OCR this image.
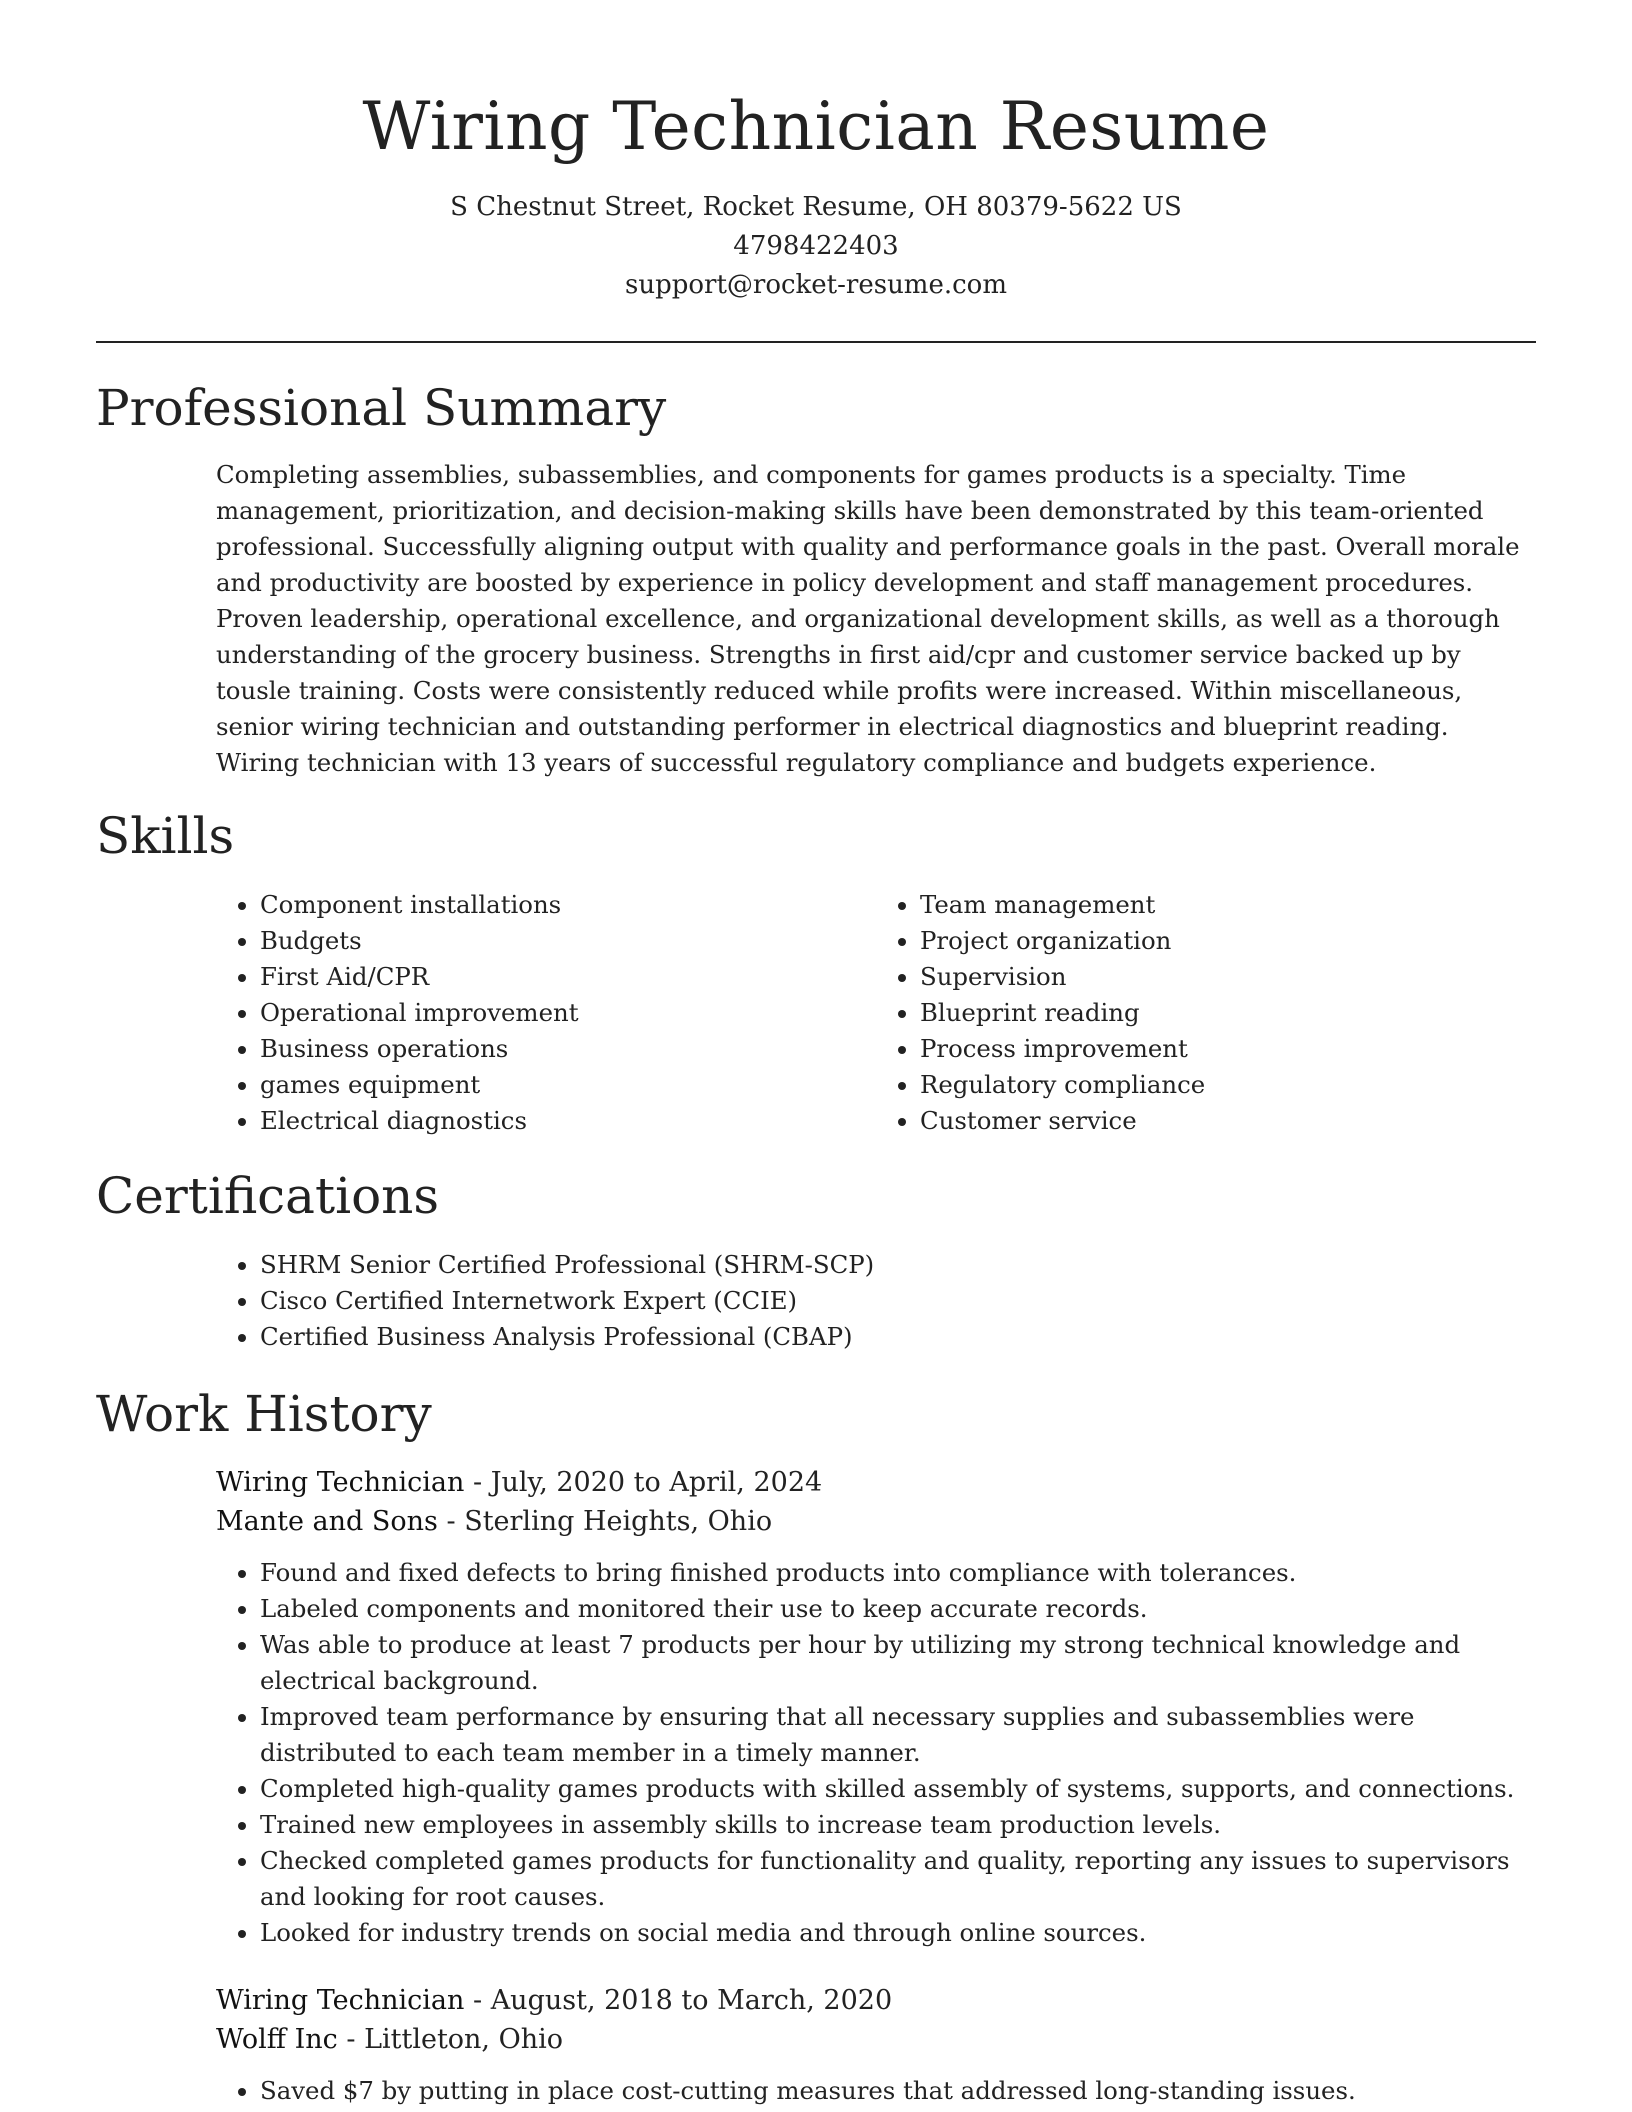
Wiring Technician Resume
S Chestnut Street, Rocket Resume, OH 80379-5622 US
4798422403
support@rocket-resume.com
Professional Summary
Completing assemblies, subassemblies, and components for games products is a specialty. Time management, prioritization, and decision-making skills have been demonstrated by this team-oriented professional. Successfully aligning output with quality and performance goals in the past. Overall morale and productivity are boosted by experience in policy development and staff management procedures. Proven leadership, operational excellence, and organizational development skills, as well as a thorough understanding of the grocery business. Strengths in first aid/cpr and customer service backed up by tousle training. Costs were consistently reduced while profits were increased. Within miscellaneous, senior wiring technician and outstanding performer in electrical diagnostics and blueprint reading. Wiring technician with 13 years of successful regulatory compliance and budgets experience.
Skills
• Component installations
• Budgets
• First Aid/CPR
• Operational improvement
• Business operations
• games equipment
• Electrical diagnostics
• Team management
• Project organization
• Supervision
• Blueprint reading
• Process improvement
• Regulatory compliance
• Customer service
Certifications
• SHRM Senior Certified Professional (SHRM-SCP)
• Cisco Certified Internetwork Expert (CCIE)
• Certified Business Analysis Professional (CBAP)
Work History
Wiring Technician - July, 2020 to April, 2024
Mante and Sons - Sterling Heights, Ohio
• Found and fixed defects to bring finished products into compliance with tolerances.
• Labeled components and monitored their use to keep accurate records.
• Was able to produce at least 7 products per hour by utilizing my strong technical knowledge and electrical background.
• Improved team performance by ensuring that all necessary supplies and subassemblies were distributed to each team member in a timely manner.
• Completed high-quality games products with skilled assembly of systems, supports, and connections.
• Trained new employees in assembly skills to increase team production levels.
• Checked completed games products for functionality and quality, reporting any issues to supervisors and looking for root causes.
• Looked for industry trends on social media and through online sources.
Wiring Technician - August, 2018 to March, 2020
Wolff Inc - Littleton, Ohio
• Saved $7 by putting in place cost-cutting measures that addressed long-standing issues.
